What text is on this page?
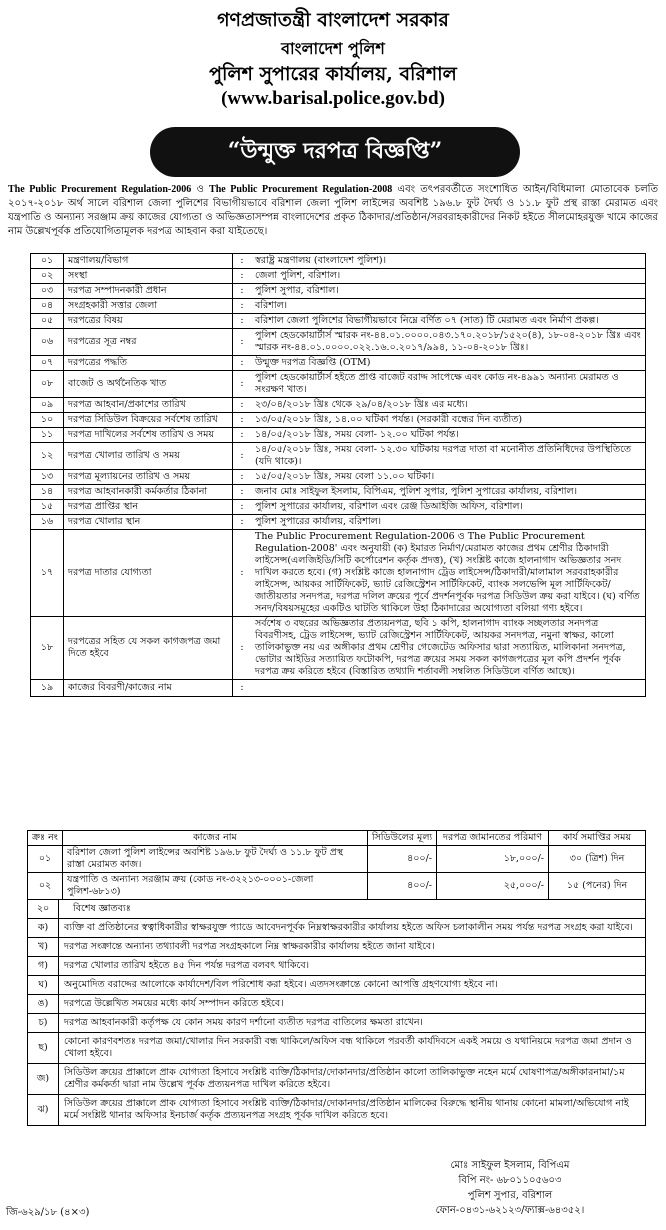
গণপ্রজাতন্ত্রী বাংলাদেশ সরকার
বাংলাদেশ পুলিশ
পুলিশ সুপারের কার্যালয়, বরিশাল
(www.barisal.police.gov.bd)
“উন্মুক্ত দরপত্র বিজ্ঞপ্তি”
The Public Procurement Regulation-2006 ও The Public Procurement Regulation-2008 এবং তৎপরবর্তীতে সংশোধিত আইন/বিধিমালা মোতাবেক চলতি ২০১৭-২০১৮ অর্থ সালে বরিশাল জেলা পুলিশের বিভাগীয়ভাবে বরিশাল জেলা পুলিশ লাইন্সের অবশিষ্ট ১৯৬.৮ ফুট দৈর্ঘ্য ও ১১.৮ ফুট প্রস্থ রাস্তা মেরামত এবং যন্ত্রপাতি ও অন্যান্য সরঞ্জাম ক্রয় কাজের যোগ্যতা ও অভিজ্ঞতাসম্পন্ন বাংলাদেশের প্রকৃত ঠিকাদার/প্রতিষ্ঠান/সরবরাহকারীদের নিকট হইতে সীলমোহরযুক্ত খামে কাজের নাম উল্লেখপূর্বক প্রতিযোগিতামূলক দরপত্র আহবান করা যাইতেছে।
০১	মন্ত্রণালয়/বিভাগ	:	স্বরাষ্ট্র মন্ত্রণালয় (বাংলাদেশ পুলিশ)।
০২	সংস্থা	:	জেলা পুলিশ, বরিশাল।
০৩	দরপত্র সম্পাদনকারী প্রধান	:	পুলিশ সুপার, বরিশাল।
০৪	সংগ্রহকারী সত্তার জেলা	:	বরিশাল।
০৫	দরপত্রের বিষয়	:	বরিশাল জেলা পুলিশের বিভাগীয়ভাবে নিম্নে বর্ণিত ০৭ (সাত) টি মেরামত এবং নির্মাণ প্রকল্প।
০৬	দরপত্রের সূত্র নম্বর	:	পুলিশ হেডকোয়ার্টার্স স্মারক নং-৪৪.০১.০০০০.০৪৩.১৭০.২০১৮/১৫২০(৪), ১৮-০৪-২০১৮ খ্রিঃ এবং স্মারক নং-৪৪.০১.০০০০.০২২.১৬.০.২০১৭/৯৯৪, ১১-০৪-২০১৮ খ্রিঃ।
০৭	দরপত্রের পদ্ধতি	:	উন্মুক্ত দরপত্র বিজ্ঞপ্তি (OTM)
০৮	বাজেট ও অর্থনৈতিক খাত	:	পুলিশ হেডকোয়ার্টার্স হইতে প্রাপ্ত বাজেট বরাদ্দ সাপেক্ষে এবং কোড নং-৪৯৯১ অন্যান্য মেরামত ও সংরক্ষণ খাত।
০৯	দরপত্র আহবান/প্রকাশের তারিখ	:	২৩/০৪/২০১৮ খ্রিঃ থেকে ২৯/০৪/২০১৮ খ্রিঃ এর মধ্যে।
১০	দরপত্র সিডিউল বিক্রয়ের সর্বশেষ তারিখ	:	১৩/০৫/২০১৮ খ্রিঃ, ১৪.০০ ঘটিকা পর্যন্ত। (সরকারী বন্ধের দিন ব্যতীত)
১১	দরপত্র দাখিলের সর্বশেষ তারিখ ও সময়	:	১৪/০৫/২০১৮ খ্রিঃ, সময় বেলা- ১২.০০ ঘটিকা পর্যন্ত।
১২	দরপত্র খোলার তারিখ ও সময়	:	১৪/০৫/২০১৮ খ্রিঃ, সময় বেলা- ১২.৩০ ঘটিকায় দরপত্র দাতা বা মনোনীত প্রতিনিধিদের উপস্থিতিতে (যদি থাকে)।
১৩	দরপত্র মূল্যায়নের তারিখ ও সময়	:	১৫/০৫/২০১৮ খ্রিঃ, সময় বেলা ১১.০০ ঘটিকা।
১৪	দরপত্র আহবানকারী কর্মকর্তার ঠিকানা	:	জনাব মোঃ সাইফুল ইসলাম, বিপিএম, পুলিশ সুপার, পুলিশ সুপারের কার্যালয়, বরিশাল।
১৫	দরপত্র প্রাপ্তির স্থান	:	পুলিশ সুপারের কার্যালয়, বরিশাল এবং রেঞ্জ ডিআইজি অফিস, বরিশাল।
১৬	দরপত্র খোলার স্থান	:	পুলিশ সুপারের কার্যালয়, বরিশাল।
১৭	দরপত্র দাতার যোগ্যতা	:	The Public Procurement Regulation-2006 ও The Public Procurement Regulation-2008' এবং অনুযায়ী (ক) ইমারত নির্মাণ/মেরামত কাজের প্রথম শ্রেণীর ঠিকাদারী লাইসেন্স(এলজিইডি/সিটি কর্পোরেশন কর্তৃক প্রদত্ত), (খ) সংশ্লিষ্ট কাজে হালনাগাদ অভিজ্ঞতার সনদ দাখিল করতে হবে। (গ) সংশ্লিষ্ট কাজে হালনাগাদ ট্রেড লাইসেন্স/ঠিকাদারী/মালামাল সরবরাহকারীর লাইসেন্স, আয়কর সার্টিফিকেট, ভ্যাট রেজিস্ট্রেশন সার্টিফিকেট, ব্যাংক সলভেন্সি মূল সার্টিফিকেট/জাতীয়তার সনদপত্র, দরপত্র দলিল ক্রয়ের পূর্বে প্রদর্শনপূর্বক দরপত্র সিডিউল ক্রয় করা যাইবে। (ঘ) বর্ণিত সনদ/বিষয়সমূহের একটিও ঘাটতি থাকিলে উহা ঠিকাদারের অযোগ্যতা বলিয়া গণ্য হইবে।
১৮	দরপত্রের সহিত যে সকল কাগজপত্র জমা দিতে হইবে	:	সর্বশেষ ৩ বছরের অভিজ্ঞতার প্রত্যয়নপত্র, ছবি ১ কপি, হালনাগাদ ব্যাংক সচ্ছলতার সনদপত্র বিবরণীসহ, ট্রেড লাইসেন্স, ভ্যাট রেজিস্ট্রেশন সার্টিফিকেট, আয়কর সনদপত্র, নমুনা স্বাক্ষর, কালো তালিকাভুক্ত নয় এর অঙ্গীকার প্রথম শ্রেণীর গেজেটেড অফিসার দ্বারা সত্যায়িত, মালিকানা সনদপত্র, ভোটার আইডির সত্যায়িত ফটোকপি, দরপত্র ক্রয়ের সময় সকল কাগজপত্রের মূল কপি প্রদর্শন পূর্বক দরপত্র ক্রয় করিতে হইবে (বিস্তারিত তথ্যাদি শর্তাবলী সম্বলিত সিডিউলে বর্ণিত আছে)।
১৯	কাজের বিবরণী/কাজের নাম	:	
ক্রঃ নং	কাজের নাম	সিডিউলের মূল্য	দরপত্র জামানতের পরিমাণ	কার্য সমাপ্তির সময়
০১	বরিশাল জেলা পুলিশ লাইন্সের অবশিষ্ট ১৯৬.৮ ফুট দৈর্ঘ্য ও ১১.৮ ফুট প্রস্থ রাস্তা মেরামত কাজ।	৪০০/-	১৮,০০০/-	৩০ (ত্রিশ) দিন
০২	যন্ত্রপাতি ও অন্যান্য সরঞ্জাম ক্রয় (কোড নং-৩২২১৩-০০০১-জেলা পুলিশ-৬৮১৩)	৪০০/-	২৫,০০০/-	১৫ (পনের) দিন
২০	বিশেষ জ্ঞাতব্যঃ
ক)	ব্যক্তি বা প্রতিষ্ঠানের স্বত্বাধিকারীর স্বাক্ষরযুক্ত প্যাডে আবেদনপূর্বক নিম্নস্বাক্ষরকারীর কার্যালয় হইতে অফিস চলাকালীন সময় পর্যন্ত দরপত্র সংগ্রহ করা যাইবে।
খ)	দরপত্র সংক্রান্তে অন্যান্য তথ্যাবলী দরপত্র সংগ্রহকালে নিম্ন স্বাক্ষরকারীর কার্যালয় হইতে জানা যাইবে।
গ)	দরপত্র খোলার তারিখ হইতে ৪৫ দিন পর্যন্ত দরপত্র বলবৎ থাকিবে।
ঘ)	অনুমোদিত বরাদ্দের আলোকে কার্যাদেশ/বিল পরিশোধ করা হইবে। এতদসংক্রান্তে কোনো আপত্তি গ্রহণযোগ্য হইবে না।
ঙ)	দরপত্রে উল্লেখিত সময়ের মধ্যে কার্য সম্পাদন করিতে হইবে।
চ)	দরপত্র আহবানকারী কর্তৃপক্ষ যে কোন সময় কারণ দর্শানো ব্যতীত দরপত্র বাতিলের ক্ষমতা রাখেন।
ছ)	কোনো কারণবশতঃ দরপত্র জমা/খোলার দিন সরকারী বন্ধ থাকিলে/অফিস বন্ধ থাকিলে পরবর্তী কার্যদিবসে একই সময়ে ও যথানিয়মে দরপত্র জমা প্রদান ও খোলা হইবে।
জ)	সিডিউল ক্রয়ের প্রাক্কালে প্রাক যোগ্যতা হিসাবে সংশ্লিষ্ট ব্যক্তি/ঠিকাদার/দোকানদার/প্রতিষ্ঠান কালো তালিকাভুক্ত নহেন মর্মে ঘোষণাপত্র/অঙ্গীকারনামা/১ম শ্রেণীর কর্মকর্তা দ্বারা নাম উল্লেখ পূর্বক প্রত্যয়নপত্র দাখিল করিতে হইবে।
ঝ)	সিডিউল ক্রয়ের প্রাক্কালে প্রাক যোগ্যতা হিসাবে সংশ্লিষ্ট ব্যক্তি/ঠিকাদার/দোকানদার/প্রতিষ্ঠান মালিকের বিরুদ্ধে স্থানীয় থানায় কোনো মামলা/অভিযোগ নাই মর্মে সংশ্লিষ্ট থানার অফিসার ইনচার্জ কর্তৃক প্রত্যয়নপত্র সংগ্রহ পূর্বক দাখিল করিতে হবে।
মোঃ সাইফুল ইসলাম, বিপিএম
বিপি নং- ৬৮০১১০৫৬০৩
পুলিশ সুপার, বরিশাল
ফোন-০৪৩১-৬২১২৩/ফ্যাক্স-৬৪৩৫২।
জি-৬২৯/১৮ (৪×৩)
